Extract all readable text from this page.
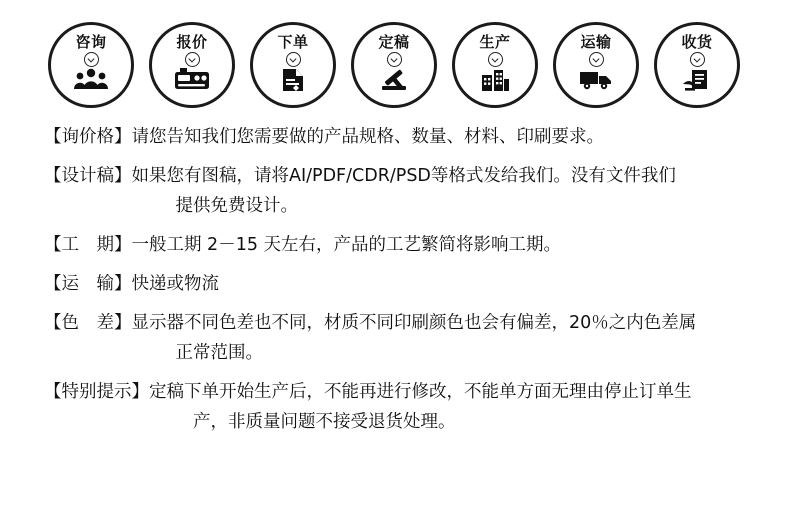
咨询	报价	下单	定稿	生产	运输	收货
【询价格】 请您告知我们您需要做的产品规格、数量、材料、印刷要求。
【设计稿】 如果您有图稿，请将AI/PDF/CDR/PSD等格式发给我们。没有文件我们
提供免费设计。
【工　期】 一般工期 2－15 天左右，产品的工艺繁简将影响工期。
【运　输】 快递或物流
【色　差】 显示器不同色差也不同，材质不同印刷颜色也会有偏差，20％之内色差属
正常范围。
【特别提示】 定稿下单开始生产后，不能再进行修改，不能单方面无理由停止订单生
产，非质量问题不接受退货处理。
